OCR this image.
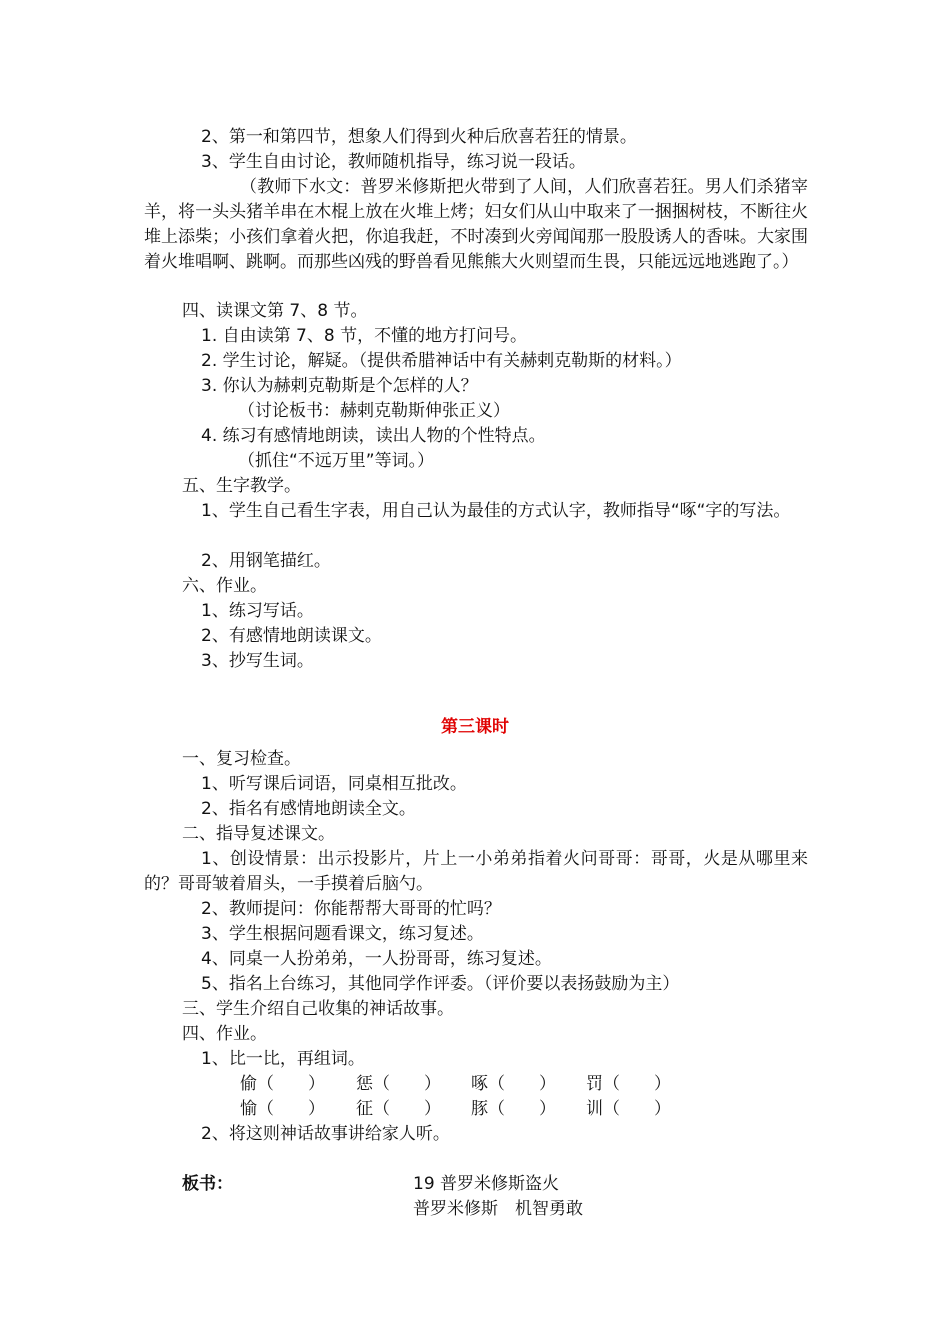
2、第一和第四节，想象人们得到火种后欣喜若狂的情景。
3、学生自由讨论，教师随机指导，练习说一段话。
（教师下水文：普罗米修斯把火带到了人间，人们欣喜若狂。男人们杀猪宰羊，将一头头猪羊串在木棍上放在火堆上烤；妇女们从山中取来了一捆捆树枝，不断往火堆上添柴；小孩们拿着火把，你追我赶，不时凑到火旁闻闻那一股股诱人的香味。大家围着火堆唱啊、跳啊。而那些凶残的野兽看见熊熊大火则望而生畏，只能远远地逃跑了。）
四、读课文第 7、8 节。
1. 自由读第 7、8 节，不懂的地方打问号。
2. 学生讨论，解疑。（提供希腊神话中有关赫剌克勒斯的材料。）
3. 你认为赫剌克勒斯是个怎样的人？
（讨论板书：赫剌克勒斯伸张正义）
4. 练习有感情地朗读，读出人物的个性特点。
（抓住“不远万里”等词。）
五、生字教学。
1、学生自己看生字表，用自己认为最佳的方式认字，教师指导“啄“字的写法。
2、用钢笔描红。
六、作业。
1、练习写话。
2、有感情地朗读课文。
3、抄写生词。
第三课时
一、复习检查。
1、听写课后词语，同桌相互批改。
2、指名有感情地朗读全文。
二、指导复述课文。
1、创设情景：出示投影片，片上一小弟弟指着火问哥哥：哥哥，火是从哪里来的？哥哥皱着眉头，一手摸着后脑勺。
2、教师提问：你能帮帮大哥哥的忙吗？
3、学生根据问题看课文，练习复述。
4、同桌一人扮弟弟，一人扮哥哥，练习复述。
5、指名上台练习，其他同学作评委。（评价要以表扬鼓励为主）
三、学生介绍自己收集的神话故事。
四、作业。
1、比一比，再组词。
偷（　　） 惩（　　） 啄（　　） 罚（　　）
愉（　　） 征（　　） 豚（　　） 训（　　）
2、将这则神话故事讲给家人听。
板书：	19 普罗米修斯盗火
普罗米修斯　机智勇敢
